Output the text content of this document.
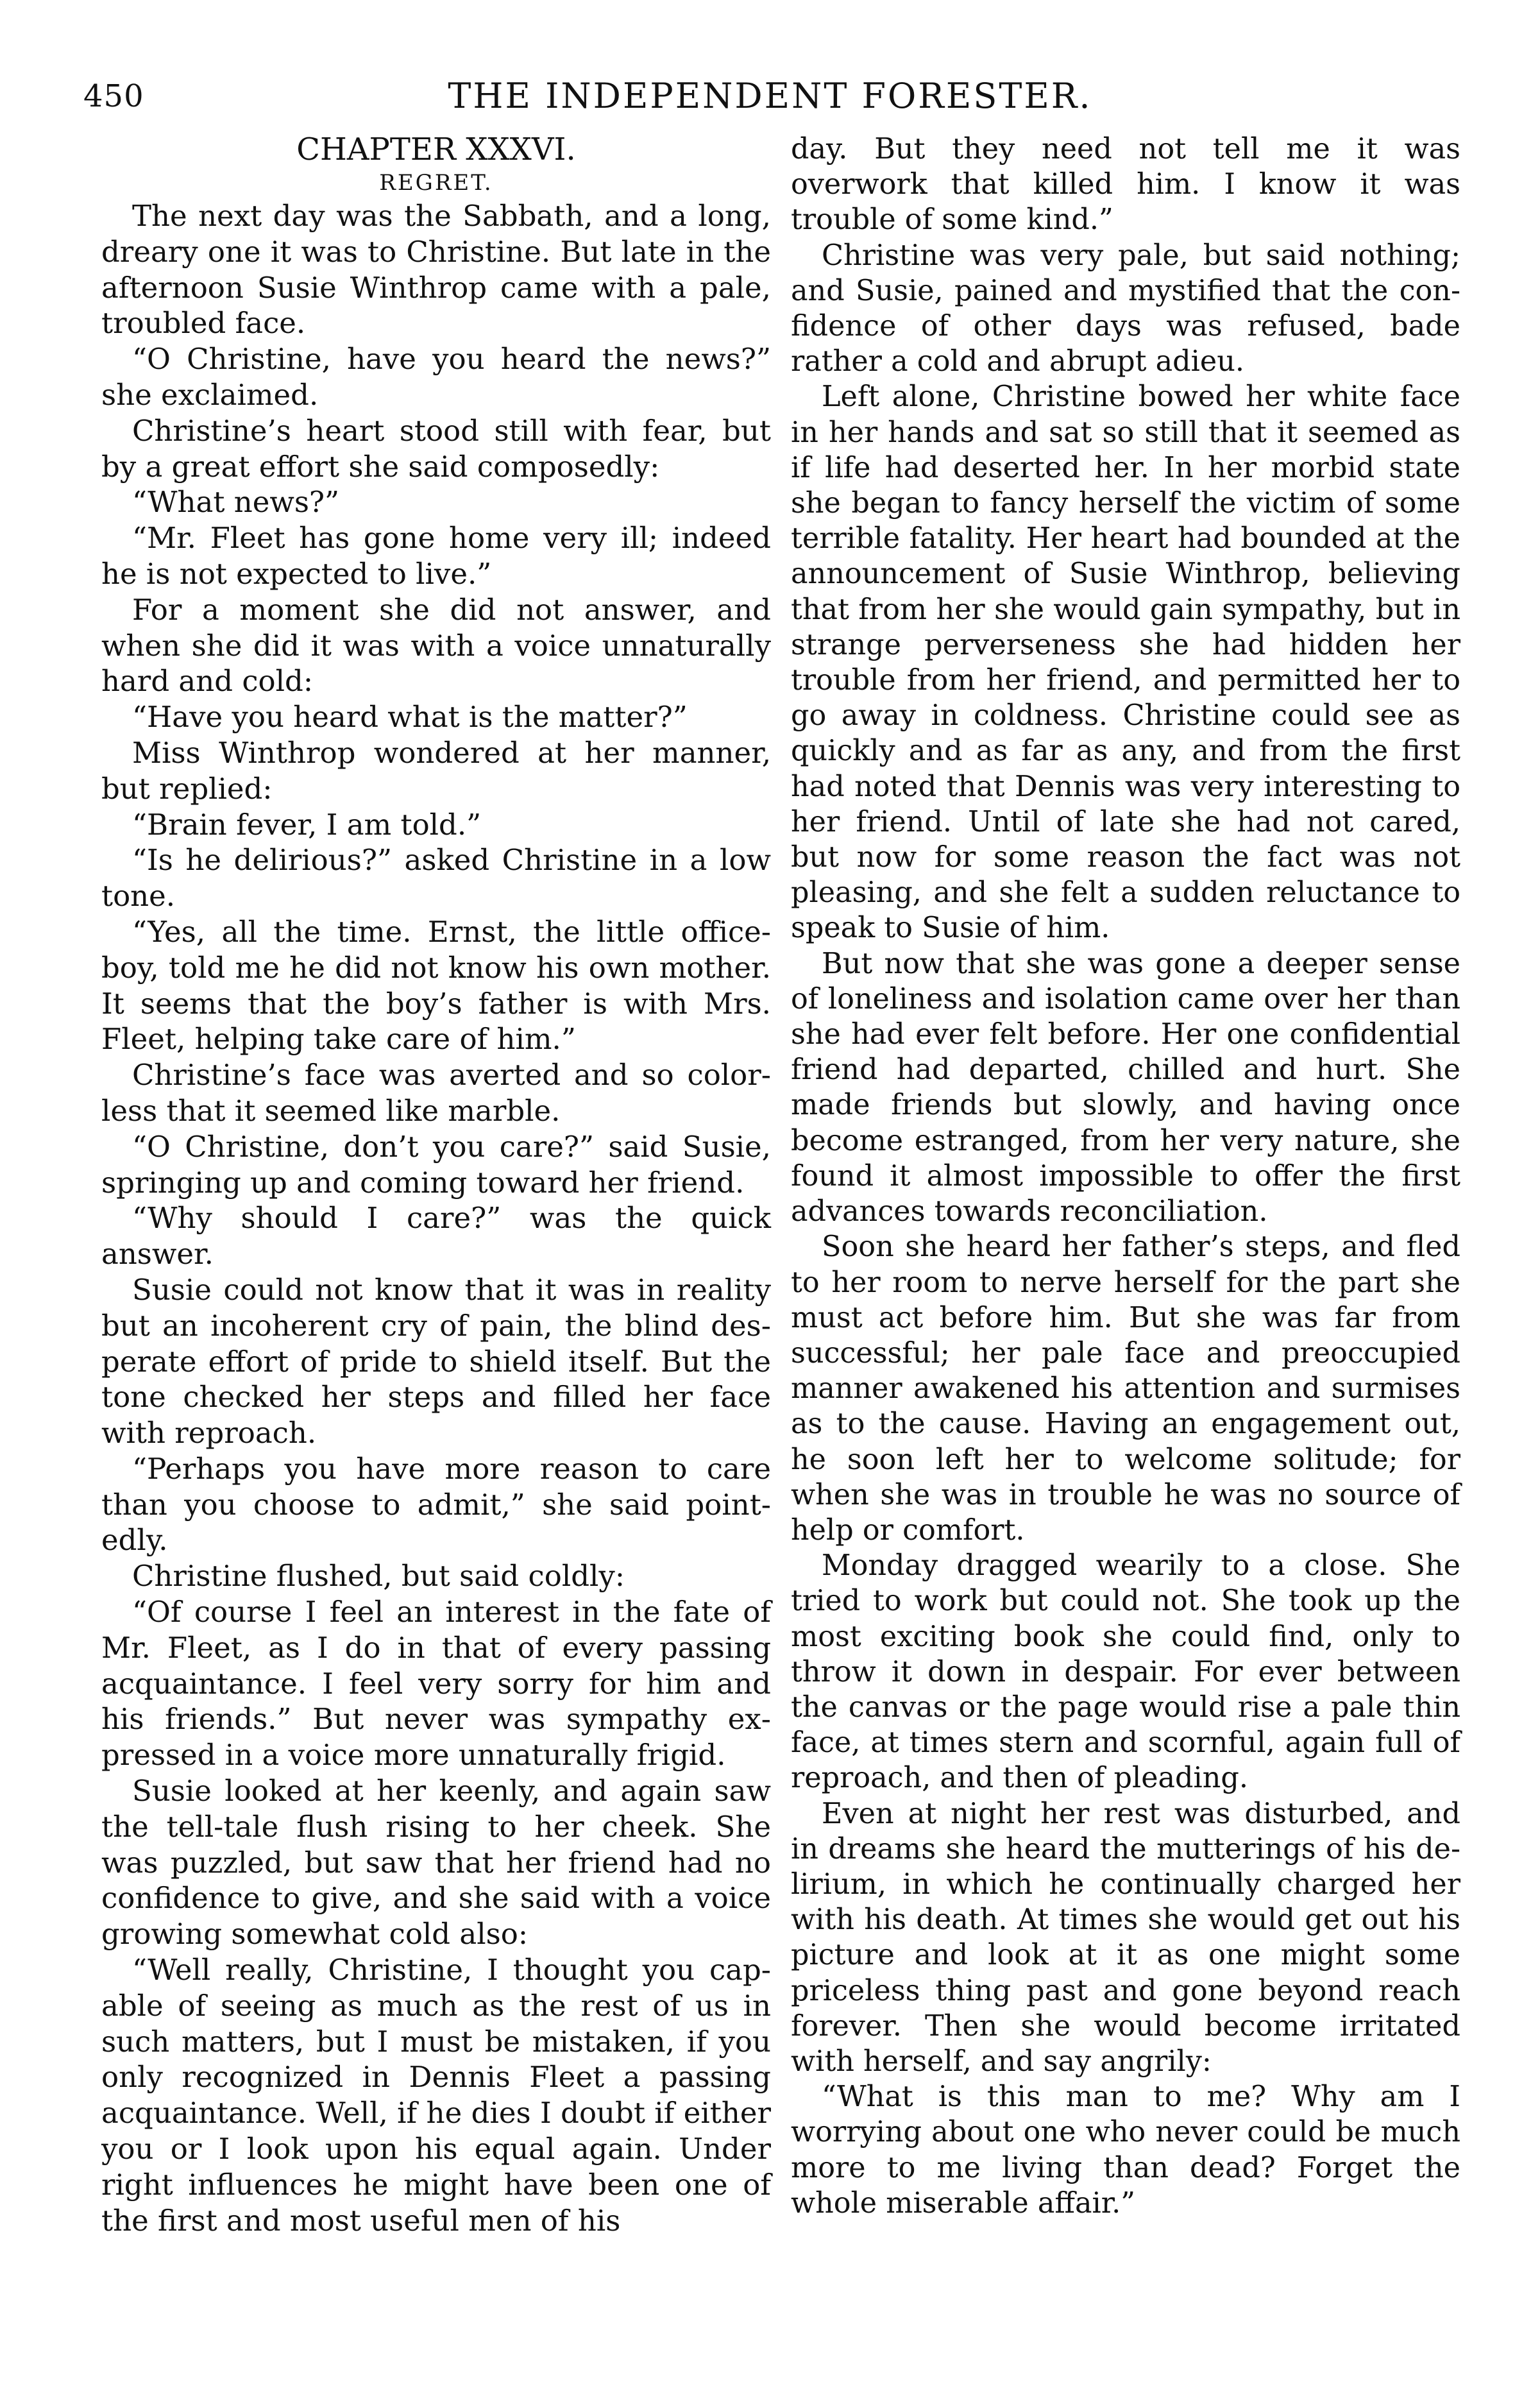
450	THE INDEPENDENT FORESTER.
CHAPTER XXXVI.
REGRET.

The next day was the Sabbath, and a long, dreary one it was to Christine. But late in the afternoon Susie Winthrop came with a pale, troubled face.

“O Christine, have you heard the news?” she exclaimed.

Christine’s heart stood still with fear, but by a great effort she said composedly:

“What news?”

“Mr. Fleet has gone home very ill; indeed he is not expected to live.”

For a moment she did not answer, and when she did it was with a voice unnaturally hard and cold:

“Have you heard what is the matter?”

Miss Winthrop wondered at her manner, but replied:

“Brain fever, I am told.”

“Is he delirious?” asked Christine in a low tone.

“Yes, all the time. Ernst, the little office-boy, told me he did not know his own mother. It seems that the boy’s father is with Mrs. Fleet, helping take care of him.”

Christine’s face was averted and so colorless that it seemed like marble.

“O Christine, don’t you care?” said Susie, springing up and coming toward her friend.

“Why should I care?” was the quick answer.

Susie could not know that it was in reality but an incoherent cry of pain, the blind desperate effort of pride to shield itself. But the tone checked her steps and filled her face with reproach.

“Perhaps you have more reason to care than you choose to admit,” she said pointedly.

Christine flushed, but said coldly:

“Of course I feel an interest in the fate of Mr. Fleet, as I do in that of every passing acquaintance. I feel very sorry for him and his friends.” But never was sympathy expressed in a voice more unnaturally frigid.

Susie looked at her keenly, and again saw the tell-tale flush rising to her cheek. She was puzzled, but saw that her friend had no confidence to give, and she said with a voice growing somewhat cold also:

“Well really, Christine, I thought you capable of seeing as much as the rest of us in such matters, but I must be mistaken, if you only recognized in Dennis Fleet a passing acquaintance. Well, if he dies I doubt if either you or I look upon his equal again. Under right influences he might have been one of the first and most useful men of his

day. But they need not tell me it was overwork that killed him. I know it was trouble of some kind.”

Christine was very pale, but said nothing; and Susie, pained and mystified that the confidence of other days was refused, bade rather a cold and abrupt adieu.

Left alone, Christine bowed her white face in her hands and sat so still that it seemed as if life had deserted her. In her morbid state she began to fancy herself the victim of some terrible fatality. Her heart had bounded at the announcement of Susie Winthrop, believing that from her she would gain sympathy, but in strange perverseness she had hidden her trouble from her friend, and permitted her to go away in coldness. Christine could see as quickly and as far as any, and from the first had noted that Dennis was very interesting to her friend. Until of late she had not cared, but now for some reason the fact was not pleasing, and she felt a sudden reluctance to speak to Susie of him.

But now that she was gone a deeper sense of loneliness and isolation came over her than she had ever felt before. Her one confidential friend had departed, chilled and hurt. She made friends but slowly, and having once become estranged, from her very nature, she found it almost impossible to offer the first advances towards reconciliation.

Soon she heard her father’s steps, and fled to her room to nerve herself for the part she must act before him. But she was far from successful; her pale face and preoccupied manner awakened his attention and surmises as to the cause. Having an engagement out, he soon left her to welcome solitude; for when she was in trouble he was no source of help or comfort.

Monday dragged wearily to a close. She tried to work but could not. She took up the most exciting book she could find, only to throw it down in despair. For ever between the canvas or the page would rise a pale thin face, at times stern and scornful, again full of reproach, and then of pleading.

Even at night her rest was disturbed, and in dreams she heard the mutterings of his delirium, in which he continually charged her with his death. At times she would get out his picture and look at it as one might some priceless thing past and gone beyond reach forever. Then she would become irritated with herself, and say angrily:

“What is this man to me? Why am I worrying about one who never could be much more to me living than dead? Forget the whole miserable affair.”
